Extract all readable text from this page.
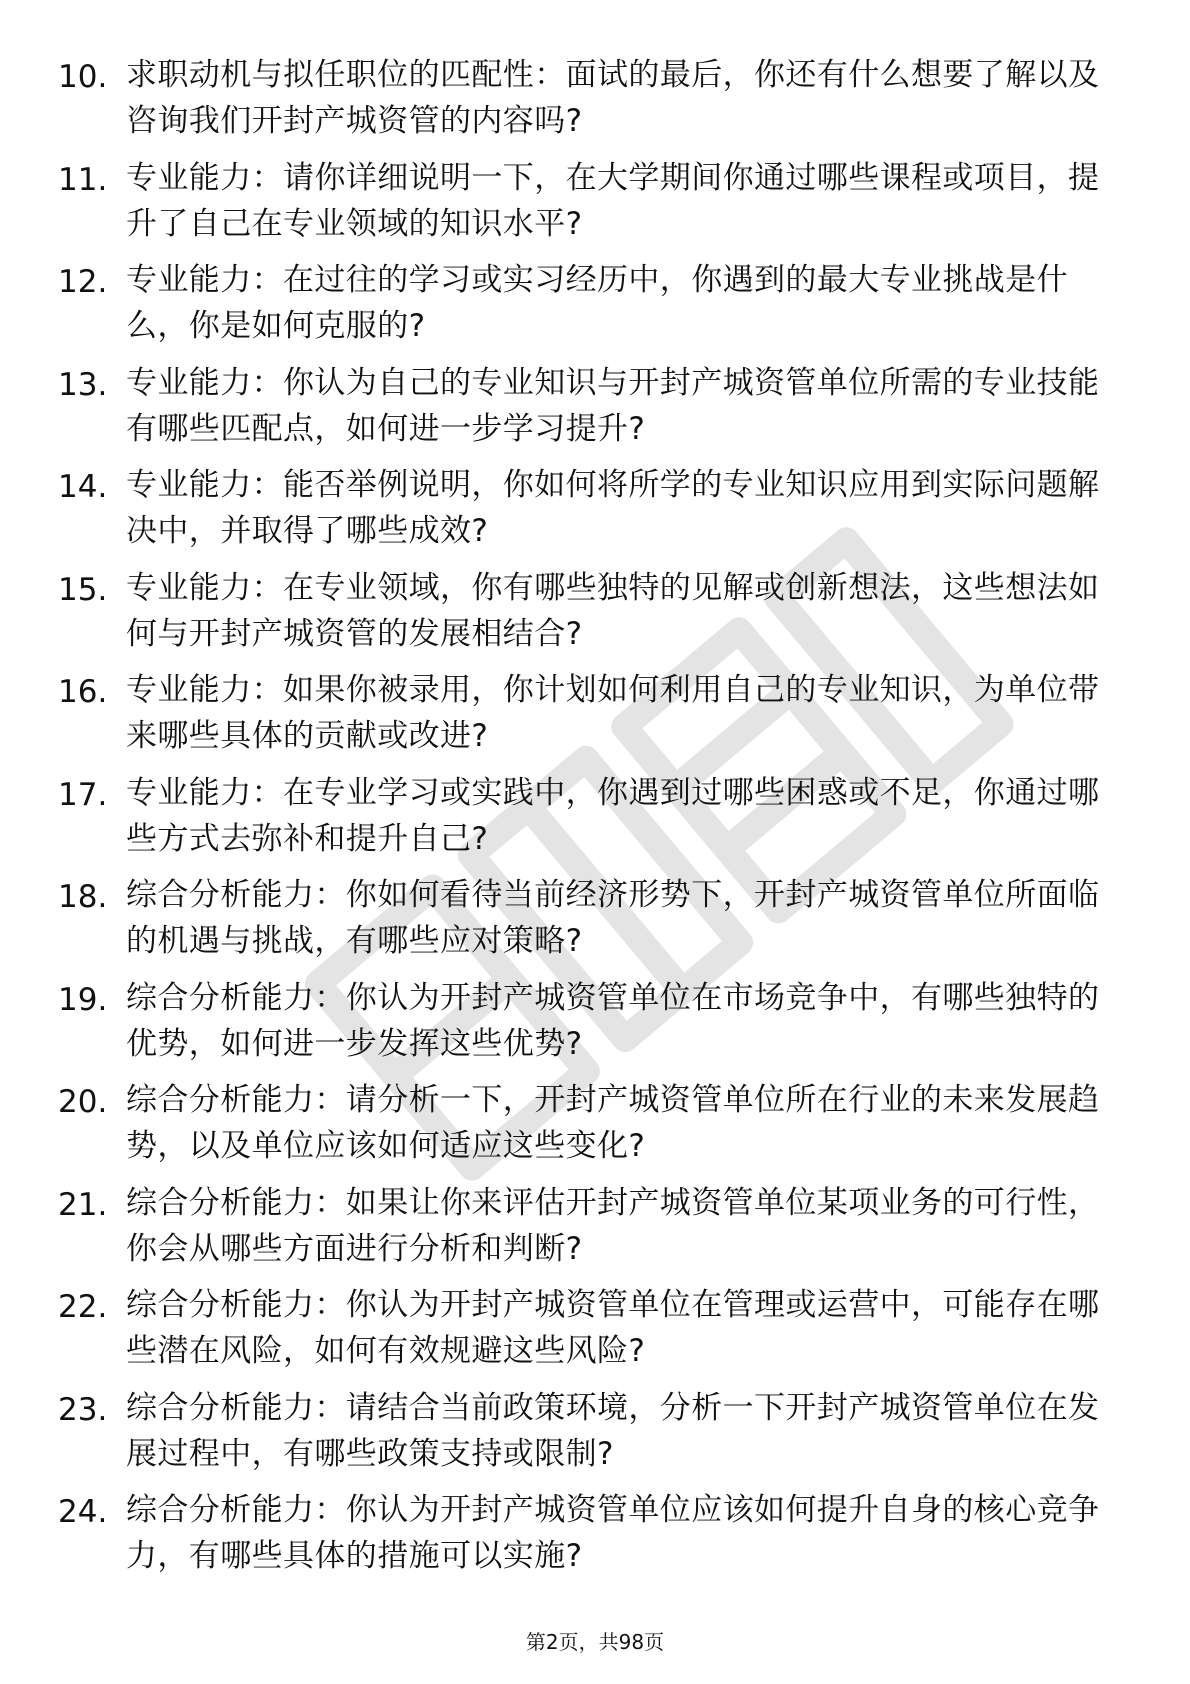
10. 求职动机与拟任职位的匹配性：面试的最后，你还有什么想要了解以及咨询我们开封产城资管的内容吗?
11. 专业能力：请你详细说明一下，在大学期间你通过哪些课程或项目，提升了自己在专业领域的知识水平?
12. 专业能力：在过往的学习或实习经历中，你遇到的最大专业挑战是什么，你是如何克服的?
13. 专业能力：你认为自己的专业知识与开封产城资管单位所需的专业技能有哪些匹配点，如何进一步学习提升?
14. 专业能力：能否举例说明，你如何将所学的专业知识应用到实际问题解决中，并取得了哪些成效?
15. 专业能力：在专业领域，你有哪些独特的见解或创新想法，这些想法如何与开封产城资管的发展相结合?
16. 专业能力：如果你被录用，你计划如何利用自己的专业知识，为单位带来哪些具体的贡献或改进?
17. 专业能力：在专业学习或实践中，你遇到过哪些困惑或不足，你通过哪些方式去弥补和提升自己?
18. 综合分析能力：你如何看待当前经济形势下，开封产城资管单位所面临的机遇与挑战，有哪些应对策略?
19. 综合分析能力：你认为开封产城资管单位在市场竞争中，有哪些独特的优势，如何进一步发挥这些优势?
20. 综合分析能力：请分析一下，开封产城资管单位所在行业的未来发展趋势，以及单位应该如何适应这些变化?
21. 综合分析能力：如果让你来评估开封产城资管单位某项业务的可行性，你会从哪些方面进行分析和判断?
22. 综合分析能力：你认为开封产城资管单位在管理或运营中，可能存在哪些潜在风险，如何有效规避这些风险?
23. 综合分析能力：请结合当前政策环境，分析一下开封产城资管单位在发展过程中，有哪些政策支持或限制?
24. 综合分析能力：你认为开封产城资管单位应该如何提升自身的核心竞争力，有哪些具体的措施可以实施?
第2页，共98页
